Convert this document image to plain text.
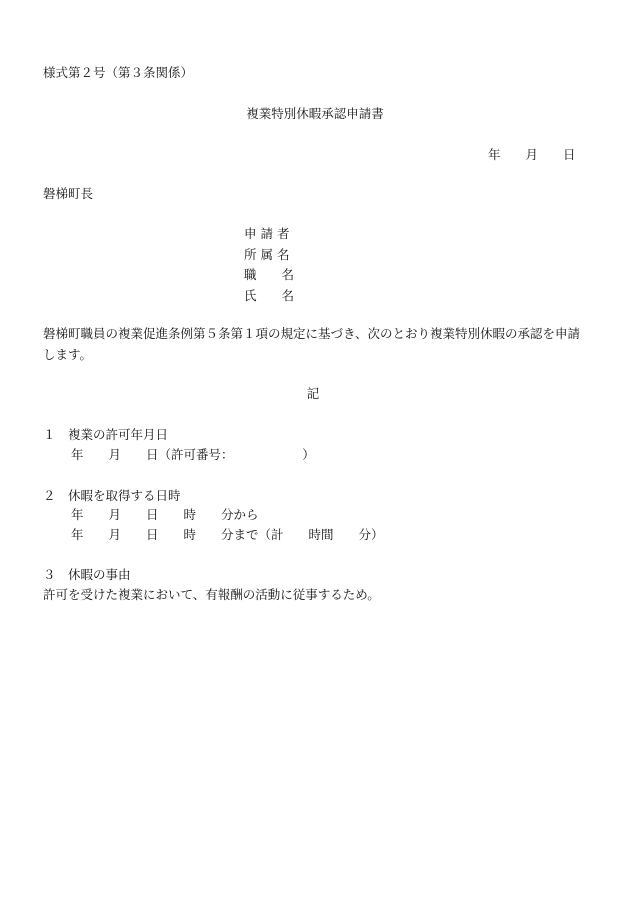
様式第２号（第３条関係）

複業特別休暇承認申請書

年　　月　　日

磐梯町長

申 請 者
所 属 名
職　　名
氏　　名

磐梯町職員の複業促進条例第５条第１項の規定に基づき、次のとおり複業特別休暇の承認を申請します。

記

１　複業の許可年月日

年　　月　　日（許可番号：　　　　　　）

２　休暇を取得する日時

年　　月　　日　　時　　分から

年　　月　　日　　時　　分まで（計　　時間　　分）

３　休暇の事由

許可を受けた複業において、有報酬の活動に従事するため。
